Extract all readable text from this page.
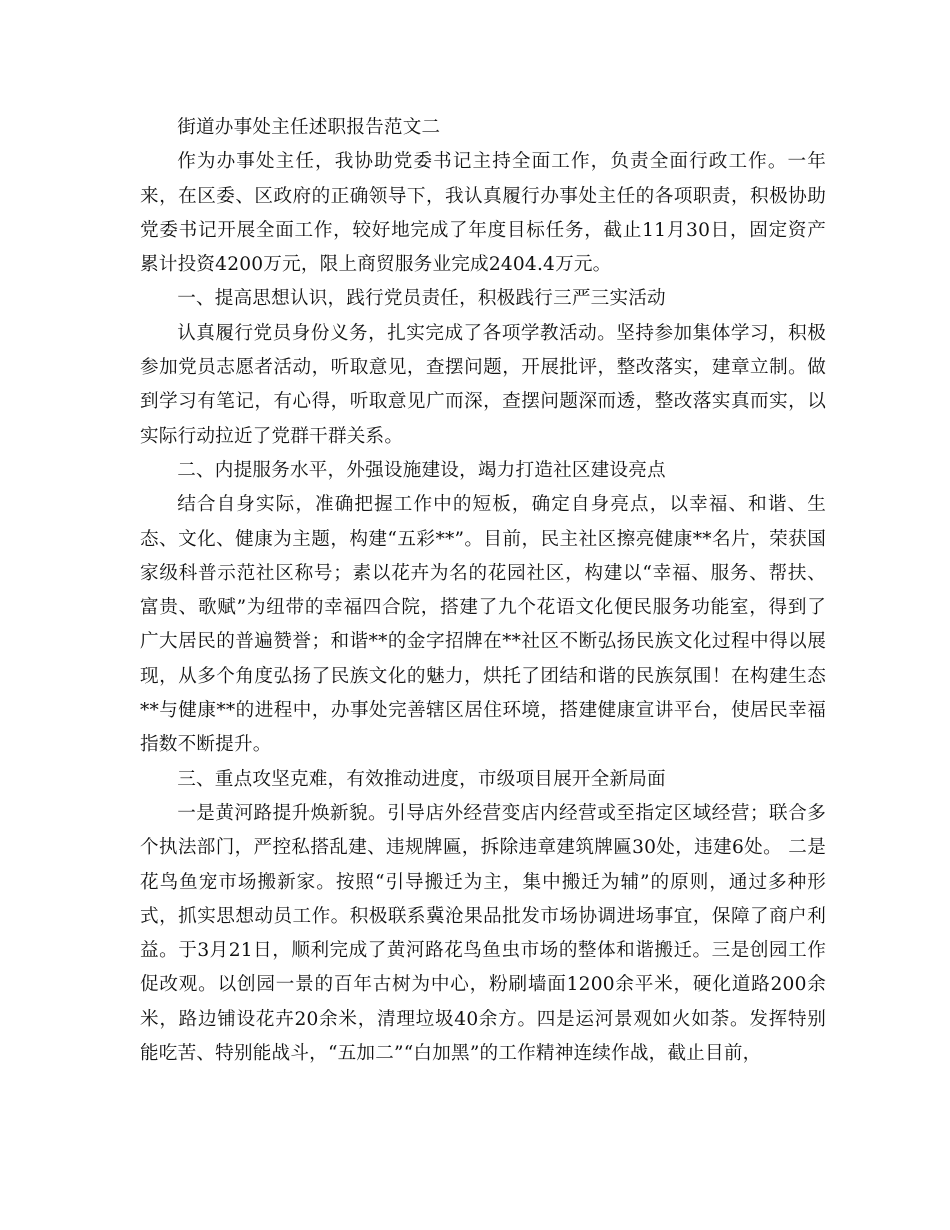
街道办事处主任述职报告范文二

作为办事处主任，我协助党委书记主持全面工作，负责全面行政工作。一年来，在区委、区政府的正确领导下，我认真履行办事处主任的各项职责，积极协助党委书记开展全面工作，较好地完成了年度目标任务，截止11月30日，固定资产累计投资4200万元，限上商贸服务业完成2404.4万元。

一、提高思想认识，践行党员责任，积极践行三严三实活动

认真履行党员身份义务，扎实完成了各项学教活动。坚持参加集体学习，积极参加党员志愿者活动，听取意见，查摆问题，开展批评，整改落实，建章立制。做到学习有笔记，有心得，听取意见广而深，查摆问题深而透，整改落实真而实，以实际行动拉近了党群干群关系。

二、内提服务水平，外强设施建设，竭力打造社区建设亮点

结合自身实际，准确把握工作中的短板，确定自身亮点，以幸福、和谐、生态、文化、健康为主题，构建“五彩**”。目前，民主社区擦亮健康**名片，荣获国家级科普示范社区称号；素以花卉为名的花园社区，构建以“幸福、服务、帮扶、富贵、歌赋”为纽带的幸福四合院，搭建了九个花语文化便民服务功能室，得到了广大居民的普遍赞誉；和谐**的金字招牌在**社区不断弘扬民族文化过程中得以展现，从多个角度弘扬了民族文化的魅力，烘托了团结和谐的民族氛围！在构建生态**与健康**的进程中，办事处完善辖区居住环境，搭建健康宣讲平台，使居民幸福指数不断提升。

三、重点攻坚克难，有效推动进度，市级项目展开全新局面

一是黄河路提升焕新貌。引导店外经营变店内经营或至指定区域经营；联合多个执法部门，严控私搭乱建、违规牌匾，拆除违章建筑牌匾30处，违建6处。 二是花鸟鱼宠市场搬新家。按照“引导搬迁为主，集中搬迁为辅”的原则，通过多种形式，抓实思想动员工作。积极联系冀沧果品批发市场协调进场事宜，保障了商户利益。于3月21日，顺利完成了黄河路花鸟鱼虫市场的整体和谐搬迁。三是创园工作促改观。以创园一景的百年古树为中心，粉刷墙面1200余平米，硬化道路200余米，路边铺设花卉20余米，清理垃圾40余方。四是运河景观如火如荼。发挥特别能吃苦、特别能战斗，“五加二”“白加黑”的工作精神连续作战，截止目前，
